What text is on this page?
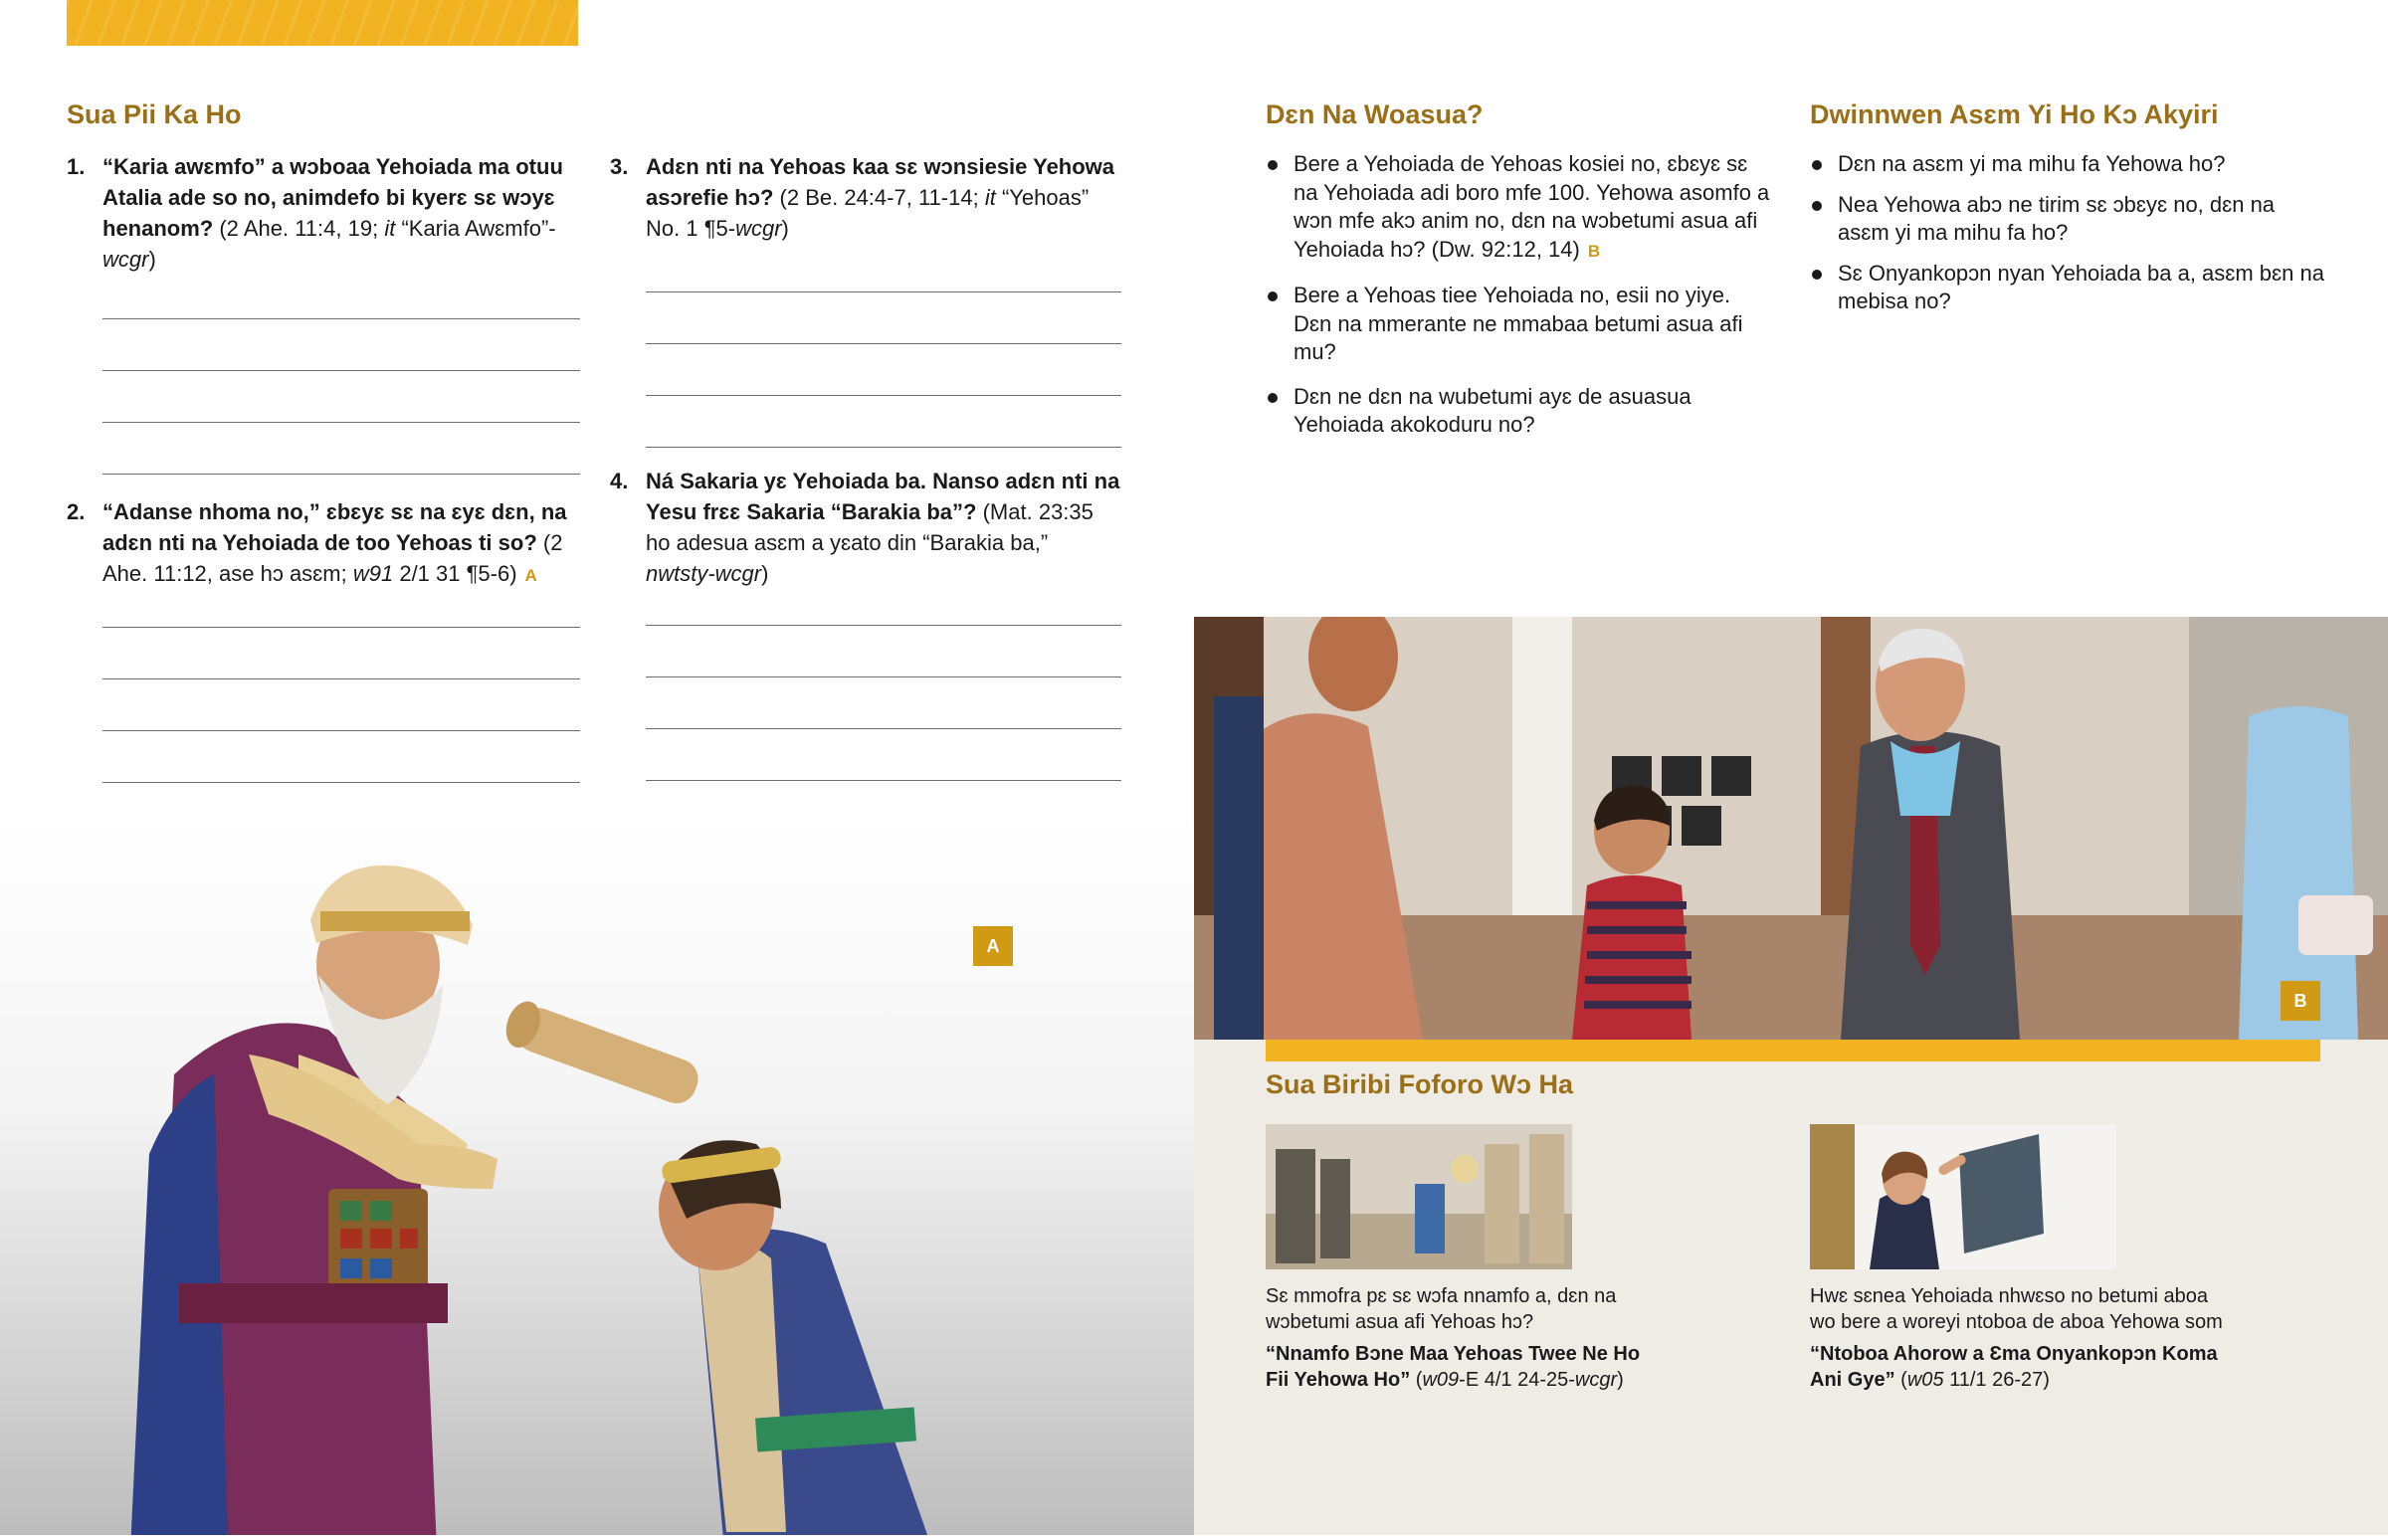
Sua Pii Ka Ho
1. “Karia awɛmfo” a wɔboaa Yehoiada ma otuu Atalia ade so no, animdefo bi kyerɛ sɛ wɔyɛ henanom? (2 Ahe. 11:4, 19; it “Karia Awɛmfo”-wcgr)
2. “Adanse nhoma no,” ɛbɛyɛ sɛ na ɛyɛ dɛn, na adɛn nti na Yehoiada de too Yehoas ti so? (2 Ahe. 11:12, ase hɔ asɛm; w91 2/1 31 ¶5-6) A
3. Adɛn nti na Yehoas kaa sɛ wɔnsiesie Yehowa asɔrefie hɔ? (2 Be. 24:4-7, 11-14; it “Yehoas” No. 1 ¶5-wcgr)
4. Ná Sakaria yɛ Yehoiada ba. Nanso adɛn nti na Yesu frɛɛ Sakaria “Barakia ba”? (Mat. 23:35 ho adesua asɛm a yɛato din “Barakia ba,” nwtsty-wcgr)
A
Dɛn Na Woasua?
Bere a Yehoiada de Yehoas kosiei no, ɛbɛyɛ sɛ na Yehoiada adi boro mfe 100. Yehowa asomfo a wɔn mfe akɔ anim no, dɛn na wɔbetumi asua afi Yehoiada hɔ? (Dw. 92:12, 14) B
Bere a Yehoas tiee Yehoiada no, esii no yiye. Dɛn na mmerante ne mmabaa betumi asua afi mu?
Dɛn ne dɛn na wubetumi ayɛ de asuasua Yehoiada akokoduru no?
Dwinnwen Asɛm Yi Ho Kɔ Akyiri
Dɛn na asɛm yi ma mihu fa Yehowa ho?
Nea Yehowa abɔ ne tirim sɛ ɔbɛyɛ no, dɛn na asɛm yi ma mihu fa ho?
Sɛ Onyankopɔn nyan Yehoiada ba a, asɛm bɛn na mebisa no?
B
Sua Biribi Foforo Wɔ Ha
Sɛ mmofra pɛ sɛ wɔfa nnamfo a, dɛn na wɔbetumi asua afi Yehoas hɔ?
“Nnamfo Bɔne Maa Yehoas Twee Ne Ho Fii Yehowa Ho” (w09-E 4/1 24-25-wcgr)
Hwɛ sɛnea Yehoiada nhwɛso no betumi aboa wo bere a woreyi ntoboa de aboa Yehowa som
“Ntoboa Ahorow a Ɛma Onyankopɔn Koma Ani Gye” (w05 11/1 26-27)
